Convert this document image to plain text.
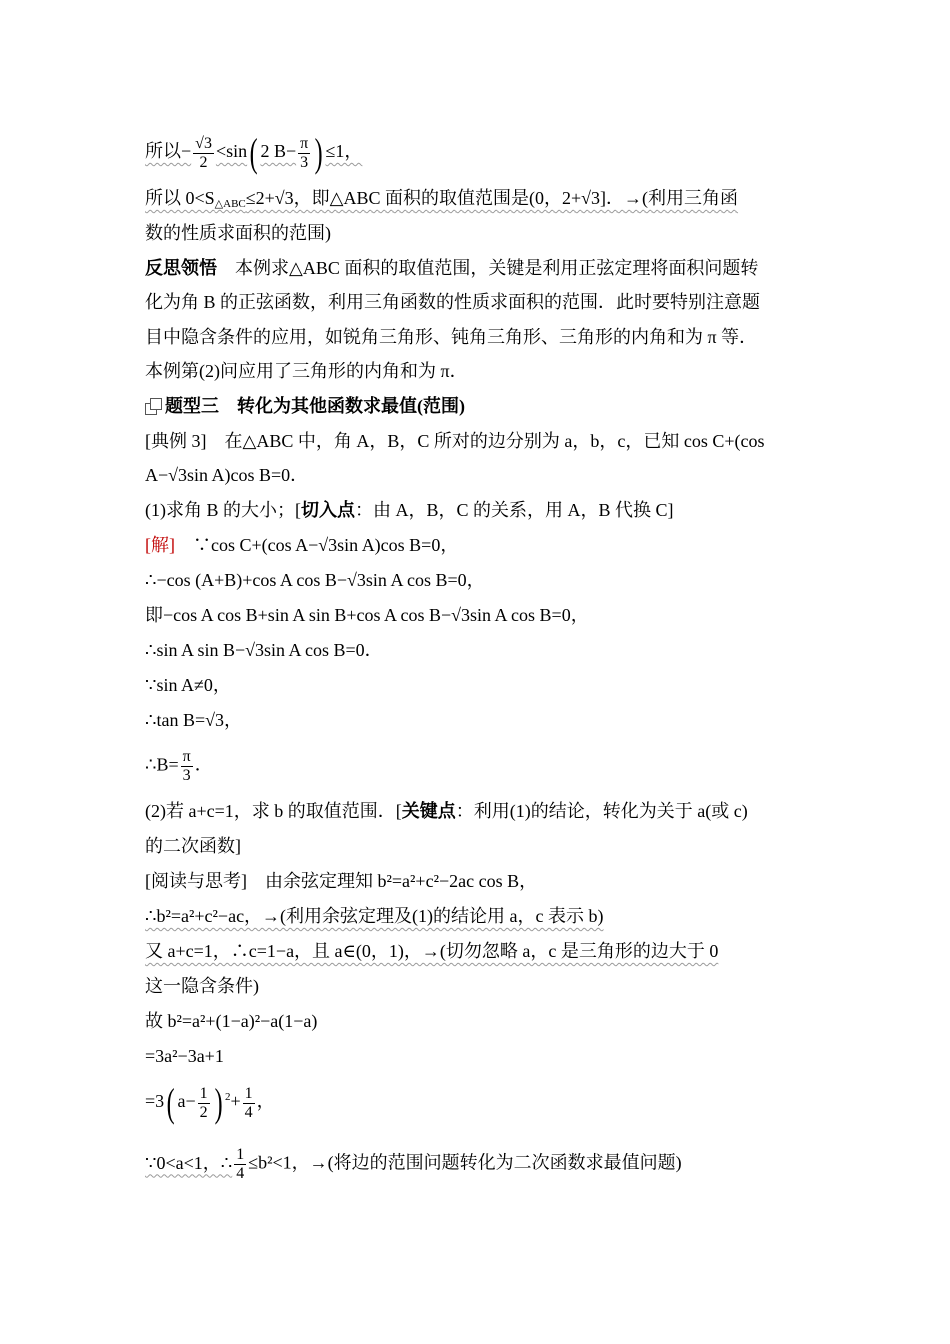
所以− $\frac{√3}{2} <\sin$( 2 $B- \frac{\pi}{3}$ ) ≤1，
所以 $0<S_{\triangle ABC}\le 2+√3$，即△ABC 面积的取值范围是(0，2+√3]．→(利用三角函
数的性质求面积的范围)
反思领悟　 本例求△ABC 面积的取值范围，关键是利用正弦定理将面积问题转
化为角 B 的正弦函数，利用三角函数的性质求面积的范围．此时要特别注意题
目中隐含条件的应用，如锐角三角形、钝角三角形、三角形的内角和为 π 等．
本例第(2)问应用了三角形的内角和为 π．
题型三　转化为其他函数求最值(范围)
[典例 3]　在△ABC 中，角 A，B，C 所对的边分别为 a，b，c，已知 cos C+(cos
A−√3sin A)cos B=0．
(1)求角 B 的大小；[切入点：由 A，B，C 的关系，用 A，B 代换 C]
[解]　 ∵cos C+(cos A−√3sin A)cos B=0，
∴−cos (A+B)+cos A cos B−√3sin A cos B=0，
即−cos A cos B+sin A sin B+cos A cos B−√3sin A cos B=0，
∴sin A sin B−√3sin A cos B=0．
∵sin A≠0，
∴tan B=√3，
∴B= $\frac{\pi}{3}$ ．
(2)若 a+c=1，求 b 的取值范围．[关键点：利用(1)的结论，转化为关于 a(或 c)
的二次函数]
[阅读与思考]　 由余弦定理知 b²=a²+c²−2ac cos B，
∴b²=a²+c²−ac，→(利用余弦定理及(1)的结论用 a，c 表示 b)
又 a+c=1，∴c=1−a，且 a∈(0，1)，→(切勿忽略 a，c 是三角形的边大于 0
这一隐含条件)
故 b²=a²+(1−a)²−a(1−a)
=3a²−3a+1
=3( $a- \frac{1}{2}$ ) $^2+ \frac{1}{4}$ ，
∵0<a<1，∴ $\frac{1}{4} \le b^2<1$，→(将边的范围问题转化为二次函数求最值问题)
